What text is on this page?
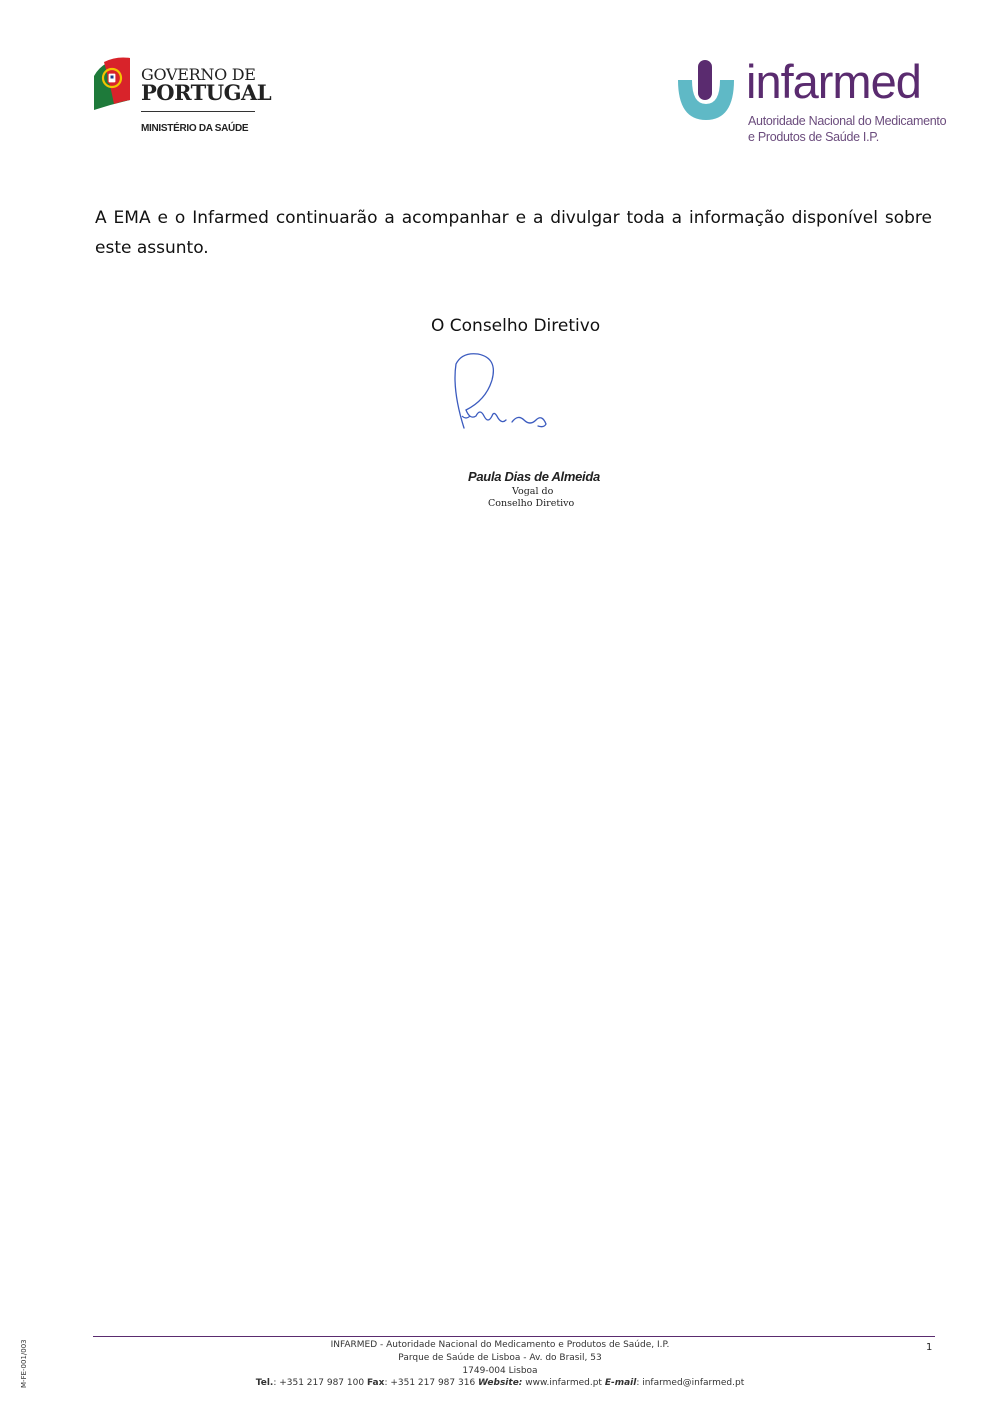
GOVERNO DE
PORTUGAL
MINISTÉRIO DA SAÚDE
infarmed
Autoridade Nacional do Medicamento
e Produtos de Saúde I.P.
A EMA e o Infarmed continuarão a acompanhar e a divulgar toda a informação disponível sobre este assunto.
O Conselho Diretivo
Paula Dias de Almeida
Vogal do
Conselho Diretivo
INFARMED - Autoridade Nacional do Medicamento e Produtos de Saúde, I.P.
Parque de Saúde de Lisboa - Av. do Brasil, 53
1749-004 Lisboa
Tel.: +351 217 987 100 Fax: +351 217 987 316 Website: www.infarmed.pt E-mail: infarmed@infarmed.pt
1
M-FE-001/003
